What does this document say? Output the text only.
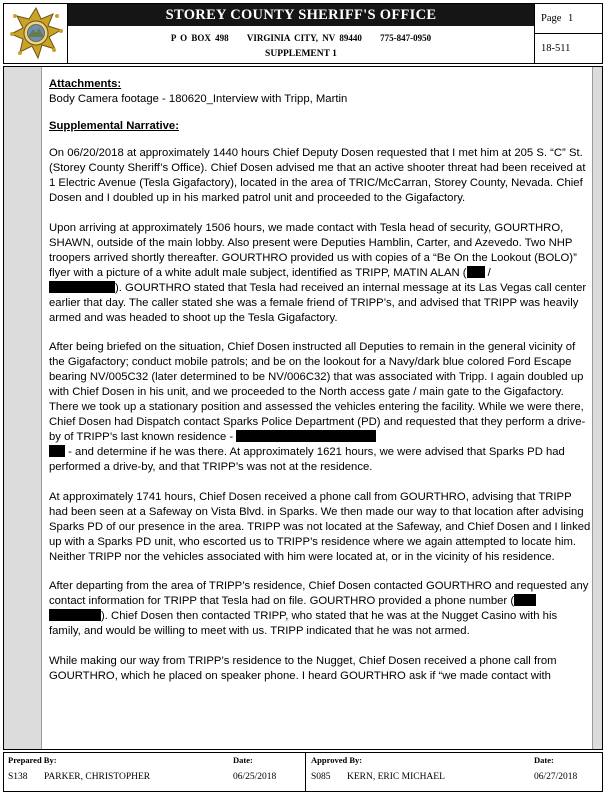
STOREY COUNTY SHERIFF'S OFFICE
P O BOX 498 VIRGINIA CITY, NV 89440 775-847-0950
SUPPLEMENT 1
Page 1
18-511
Attachments:

Body Camera footage - 180620_Interview with Tripp, Martin

Supplemental Narrative:

On 06/20/2018 at approximately 1440 hours Chief Deputy Dosen requested that I met him at 205 S. “C” St. (Storey County Sheriff’s Office). Chief Dosen advised me that an active shooter threat had been received at 1 Electric Avenue (Tesla Gigafactory), located in the area of TRIC/McCarran, Storey County, Nevada. Chief Dosen and I doubled up in his marked patrol unit and proceeded to the Gigafactory.

Upon arriving at approximately 1506 hours, we made contact with Tesla head of security, GOURTHRO, SHAWN, outside of the main lobby. Also present were Deputies Hamblin, Carter, and Azevedo. Two NHP troopers arrived shortly thereafter. GOURTHRO provided us with copies of a “Be On the Lookout (BOLO)” flyer with a picture of a white adult male subject, identified as TRIPP, MATIN ALAN ( /
). GOURTHRO stated that Tesla had received an internal message at its Las Vegas call center earlier that day. The caller stated she was a female friend of TRIPP’s, and advised that TRIPP was heavily armed and was headed to shoot up the Tesla Gigafactory.

After being briefed on the situation, Chief Dosen instructed all Deputies to remain in the general vicinity of the Gigafactory; conduct mobile patrols; and be on the lookout for a Navy/dark blue colored Ford Escape bearing NV/005C32 (later determined to be NV/006C32) that was associated with Tripp. I again doubled up with Chief Dosen in his unit, and we proceeded to the North access gate / main gate to the Gigafactory. There we took up a stationary position and assessed the vehicles entering the facility. While we were there, Chief Dosen had Dispatch contact Sparks Police Department (PD) and requested that they perform a drive-by of TRIPP’s last known residence -
- and determine if he was there. At approximately 1621 hours, we were advised that Sparks PD had performed a drive-by, and that TRIPP’s was not at the residence.

At approximately 1741 hours, Chief Dosen received a phone call from GOURTHRO, advising that TRIPP had been seen at a Safeway on Vista Blvd. in Sparks. We then made our way to that location after advising Sparks PD of our presence in the area. TRIPP was not located at the Safeway, and Chief Dosen and I linked up with a Sparks PD unit, who escorted us to TRIPP’s residence where we again attempted to locate him. Neither TRIPP nor the vehicles associated with him were located at, or in the vicinity of his residence.

After departing from the area of TRIPP’s residence, Chief Dosen contacted GOURTHRO and requested any contact information for TRIPP that Tesla had on file. GOURTHRO provided a phone number (
). Chief Dosen then contacted TRIPP, who stated that he was at the Nugget Casino with his family, and would be willing to meet with us. TRIPP indicated that he was not armed.

While making our way from TRIPP’s residence to the Nugget, Chief Dosen received a phone call from GOURTHRO, which he placed on speaker phone. I heard GOURTHRO ask if “we made contact with

Prepared By:
S138 PARKER, CHRISTOPHER
Date:
06/25/2018
Approved By:
S085 KERN, ERIC MICHAEL
Date:
06/27/2018
